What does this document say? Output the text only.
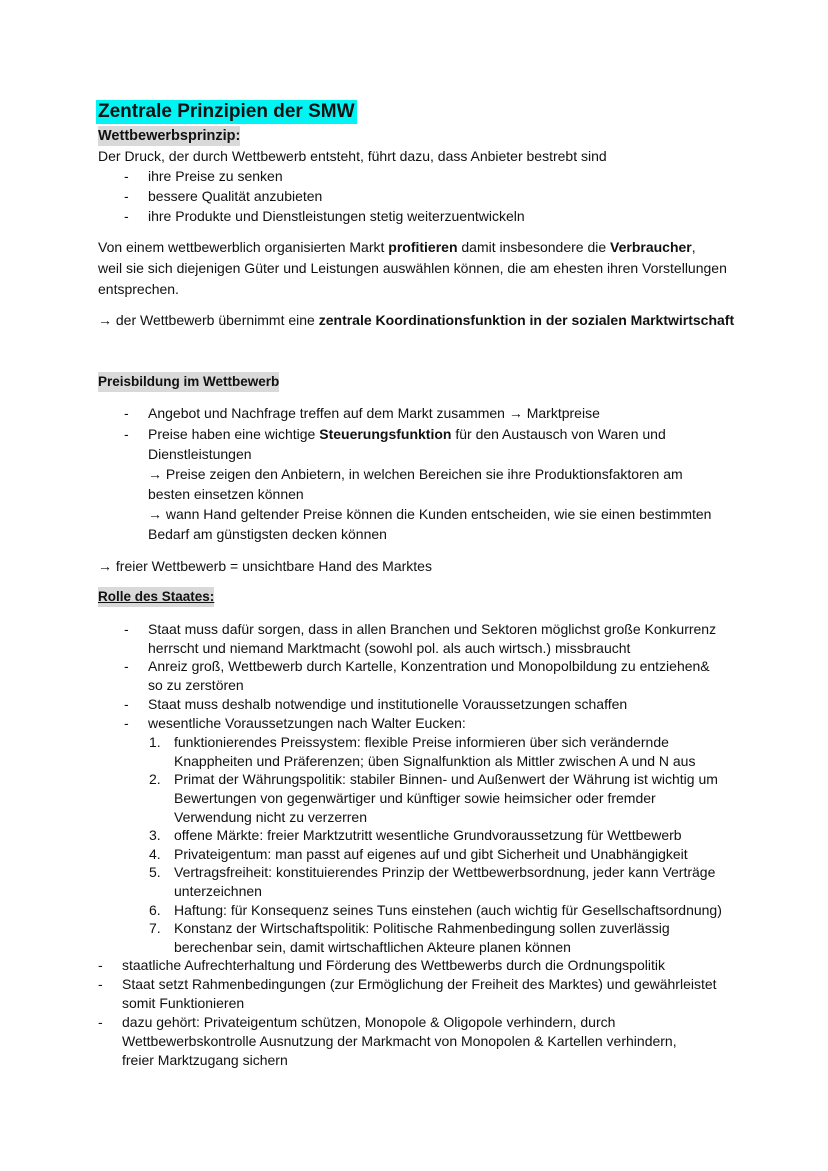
Zentrale Prinzipien der SMW
Wettbewerbsprinzip:
Der Druck, der durch Wettbewerb entsteht, führt dazu, dass Anbieter bestrebt sind
- ihre Preise zu senken
- bessere Qualität anzubieten
- ihre Produkte und Dienstleistungen stetig weiterzuentwickeln
Von einem wettbewerblich organisierten Markt profitieren damit insbesondere die Verbraucher,
weil sie sich diejenigen Güter und Leistungen auswählen können, die am ehesten ihren Vorstellungen
entsprechen.
→ der Wettbewerb übernimmt eine zentrale Koordinationsfunktion in der sozialen Marktwirtschaft
Preisbildung im Wettbewerb
- Angebot und Nachfrage treffen auf dem Markt zusammen → Marktpreise
- Preise haben eine wichtige Steuerungsfunktion für den Austausch von Waren und
Dienstleistungen
→ Preise zeigen den Anbietern, in welchen Bereichen sie ihre Produktionsfaktoren am
besten einsetzen können
→ wann Hand geltender Preise können die Kunden entscheiden, wie sie einen bestimmten
Bedarf am günstigsten decken können
→ freier Wettbewerb = unsichtbare Hand des Marktes
Rolle des Staates:
- Staat muss dafür sorgen, dass in allen Branchen und Sektoren möglichst große Konkurrenz
herrscht und niemand Marktmacht (sowohl pol. als auch wirtsch.) missbraucht
- Anreiz groß, Wettbewerb durch Kartelle, Konzentration und Monopolbildung zu entziehen&
so zu zerstören
- Staat muss deshalb notwendige und institutionelle Voraussetzungen schaffen
- wesentliche Voraussetzungen nach Walter Eucken:
1. funktionierendes Preissystem: flexible Preise informieren über sich verändernde
Knappheiten und Präferenzen; üben Signalfunktion als Mittler zwischen A und N aus
2. Primat der Währungspolitik: stabiler Binnen- und Außenwert der Währung ist wichtig um
Bewertungen von gegenwärtiger und künftiger sowie heimsicher oder fremder
Verwendung nicht zu verzerren
3. offene Märkte: freier Marktzutritt wesentliche Grundvoraussetzung für Wettbewerb
4. Privateigentum: man passt auf eigenes auf und gibt Sicherheit und Unabhängigkeit
5. Vertragsfreiheit: konstituierendes Prinzip der Wettbewerbsordnung, jeder kann Verträge
unterzeichnen
6. Haftung: für Konsequenz seines Tuns einstehen (auch wichtig für Gesellschaftsordnung)
7. Konstanz der Wirtschaftspolitik: Politische Rahmenbedingung sollen zuverlässig
berechenbar sein, damit wirtschaftlichen Akteure planen können
- staatliche Aufrechterhaltung und Förderung des Wettbewerbs durch die Ordnungspolitik
- Staat setzt Rahmenbedingungen (zur Ermöglichung der Freiheit des Marktes) und gewährleistet
somit Funktionieren
- dazu gehört: Privateigentum schützen, Monopole & Oligopole verhindern, durch
Wettbewerbskontrolle Ausnutzung der Markmacht von Monopolen & Kartellen verhindern,
freier Marktzugang sichern
